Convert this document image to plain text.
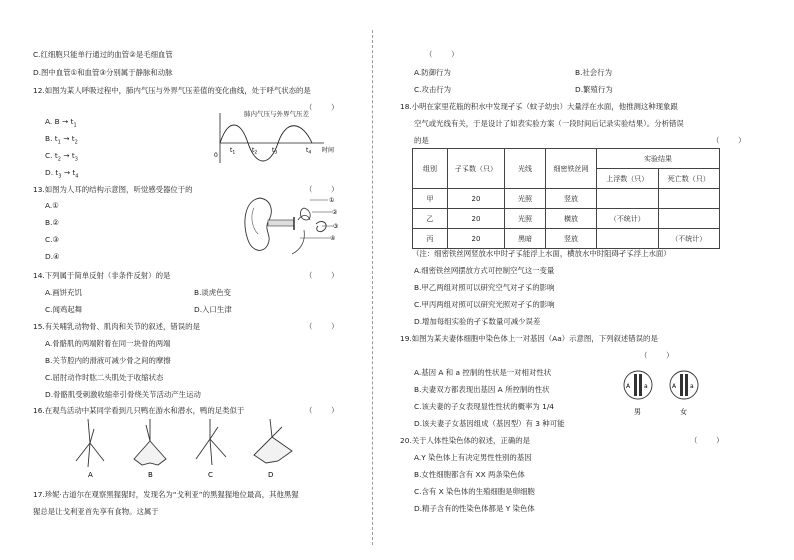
C.红细胞只能单行通过的血管②是毛细血管
D.图中血管①和血管③分别属于静脉和动脉
12.如图为某人呼吸过程中，肺内气压与外界气压差值的变化曲线，处于呼气状态的是
（        ）
A. $B \to t_1$
B. $t_1 \to t_2$
C. $t_2 \to t_3$
D. $t_3 \to t_4$
肺内气压与外界气压差
0
$t_1$	$t_2$ $t_3$	$t_4$ 时间
13.如图为人耳的结构示意图，听觉感受器位于的	（        ）
A.①
B.②
C.③
D.④
①
②
③
④
14.下列属于简单反射（非条件反射）的是	（        ）
A.画饼充饥	B.谈虎色变
C.闻鸡起舞	D.入口生津
15.有关哺乳动物骨、肌肉和关节的叙述，错误的是	（        ）
A.骨骼肌的两端附着在同一块骨的两端
B.关节腔内的滑液可减少骨之间的摩擦
C.屈肘动作时肱二头肌处于收缩状态
D.骨骼肌受刺激收缩牵引骨绕关节活动产生运动
16.在观鸟活动中某同学看到几只鸭在游水和潜水，鸭的足类似于	（        ）
A	B	C	D
17.珍妮·古道尔在观察黑猩猩时，发现名为“戈利亚”的黑猩猩地位最高，其他黑猩
猩总是让戈利亚首先享有食物。这属于
（        ）
A.防御行为	B.社会行为
C.攻击行为	D.繁殖行为
18.小明在家里花瓶的积水中发现孑孓（蚊子幼虫）大量浮在水面，他推测这种现象跟
空气或光线有关，于是设计了如表实验方案（一段时间后记录实验结果）。分析错误
的是	（        ）
组别	孑孓数（只）	光线	细密铁丝网	实验结果	
				上浮数（只）	死亡数（只）
甲	20	光照	竖放		
乙	20	光照	横放	（不统计）	
丙	20	黑暗	竖放		（不统计）
（注：细密铁丝网竖放水中时孑孓能浮上水面，横放水中时阻碍孑孓浮上水面）
A.细密铁丝网摆放方式可控制空气这一变量
B.甲乙两组对照可以研究空气对孑孓的影响
C.甲丙两组对照可以研究光照对孑孓的影响
D.增加每组实验的孑孓数量可减少误差
19.如图为某夫妻体细胞中染色体上一对基因（Aa）示意图，下列叙述错误的是
（        ）
A.基因 A 和 a 控制的性状是一对相对性状
B.夫妻双方都表现出基因 A 所控制的性状
C.该夫妻的子女表现显性性状的概率为 1/4
D.该夫妻子女基因组成（基因型）有 3 种可能
A a	A a
男	女
20.关于人体性染色体的叙述，正确的是	（        ）
A.Y 染色体上有决定男性性别的基因
B.女性细胞都含有 XX 两条染色体
C.含有 X 染色体的生殖细胞是卵细胞
D.精子含有的性染色体都是 Y 染色体
